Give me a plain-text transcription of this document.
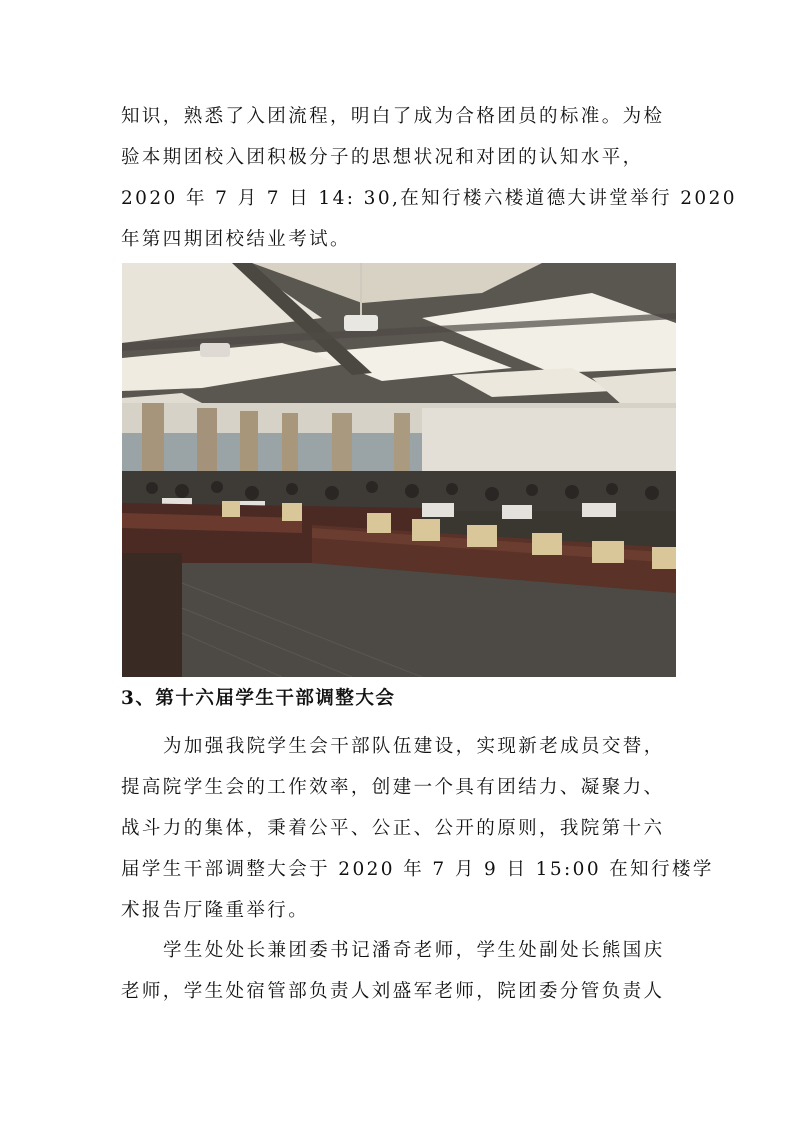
知识，熟悉了入团流程，明白了成为合格团员的标准。为检
验本期团校入团积极分子的思想状况和对团的认知水平，
2020 年 7 月 7 日 14: 30,在知行楼六楼道德大讲堂举行 2020
年第四期团校结业考试。

3、第十六届学生干部调整大会

为加强我院学生会干部队伍建设，实现新老成员交替，
提高院学生会的工作效率，创建一个具有团结力、凝聚力、
战斗力的集体，秉着公平、公正、公开的原则，我院第十六
届学生干部调整大会于 2020 年 7 月 9 日 15:00 在知行楼学
术报告厅隆重举行。

学生处处长兼团委书记潘奇老师，学生处副处长熊国庆
老师，学生处宿管部负责人刘盛军老师，院团委分管负责人
